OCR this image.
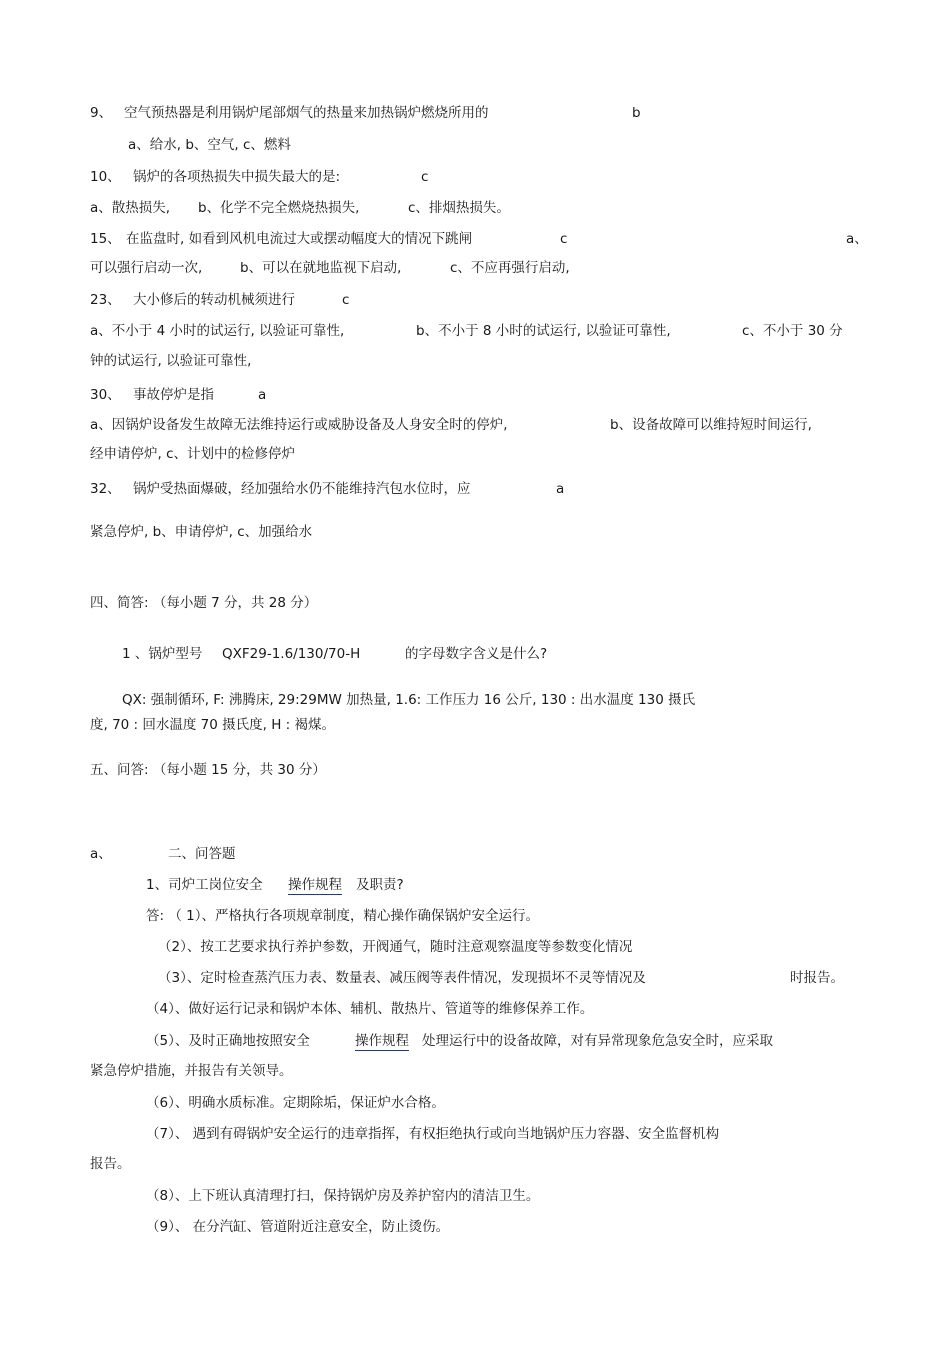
9、 空气预热器是利用锅炉尾部烟气的热量来加热锅炉燃烧所用的	b
a、给水, b、空气, c、燃料
10、 锅炉的各项热损失中损失最大的是:	c
a、散热损失, b、化学不完全燃烧热损失,	c、排烟热损失。
15、 在监盘时, 如看到风机电流过大或摆动幅度大的情况下跳闸	c	a、
可以强行启动一次,	b、可以在就地监视下启动,	c、不应再强行启动,
23、 大小修后的转动机械须进行	c
a、不小于 4 小时的试运行, 以验证可靠性,	b、不小于 8 小时的试运行, 以验证可靠性,	c、不小于 30 分
钟的试运行, 以验证可靠性,
30、 事故停炉是指	a
a、因锅炉设备发生故障无法维持运行或威胁设备及人身安全时的停炉,	b、设备故障可以维持短时间运行,
经申请停炉, c、计划中的检修停炉
32、 锅炉受热面爆破，经加强给水仍不能维持汽包水位时，应	a
紧急停炉, b、申请停炉, c、加强给水
四、简答: （每小题 7 分，共 28 分）
1 、锅炉型号 QXF29-1.6/130/70-H	的字母数字含义是什么?
QX: 强制循环, F: 沸腾床, 29:29MW 加热量, 1.6: 工作压力 16 公斤, 130 : 出水温度 130 摄氏
度, 70 : 回水温度 70 摄氏度, H : 褐煤。
五、问答: （每小题 15 分，共 30 分）
a、	二、问答题
1、司炉工岗位安全 操作规程 及职责?
答: （ 1）、严格执行各项规章制度，精心操作确保锅炉安全运行。
（2）、按工艺要求执行养护参数，开阀通气，随时注意观察温度等参数变化情况
（3）、定时检查蒸汽压力表、数量表、减压阀等表件情况，发现损坏不灵等情况及	时报告。
（4）、做好运行记录和锅炉本体、辅机、散热片、管道等的维修保养工作。
（5）、及时正确地按照安全	操作规程 处理运行中的设备故障，对有异常现象危急安全时，应采取
紧急停炉措施，并报告有关领导。
（6）、明确水质标准。定期除垢，保证炉水合格。
（7）、 遇到有碍锅炉安全运行的违章指挥，有权拒绝执行或向当地锅炉压力容器、安全监督机构
报告。
（8）、上下班认真清理打扫，保持锅炉房及养护窑内的清洁卫生。
（9）、 在分汽缸、管道附近注意安全，防止烫伤。
